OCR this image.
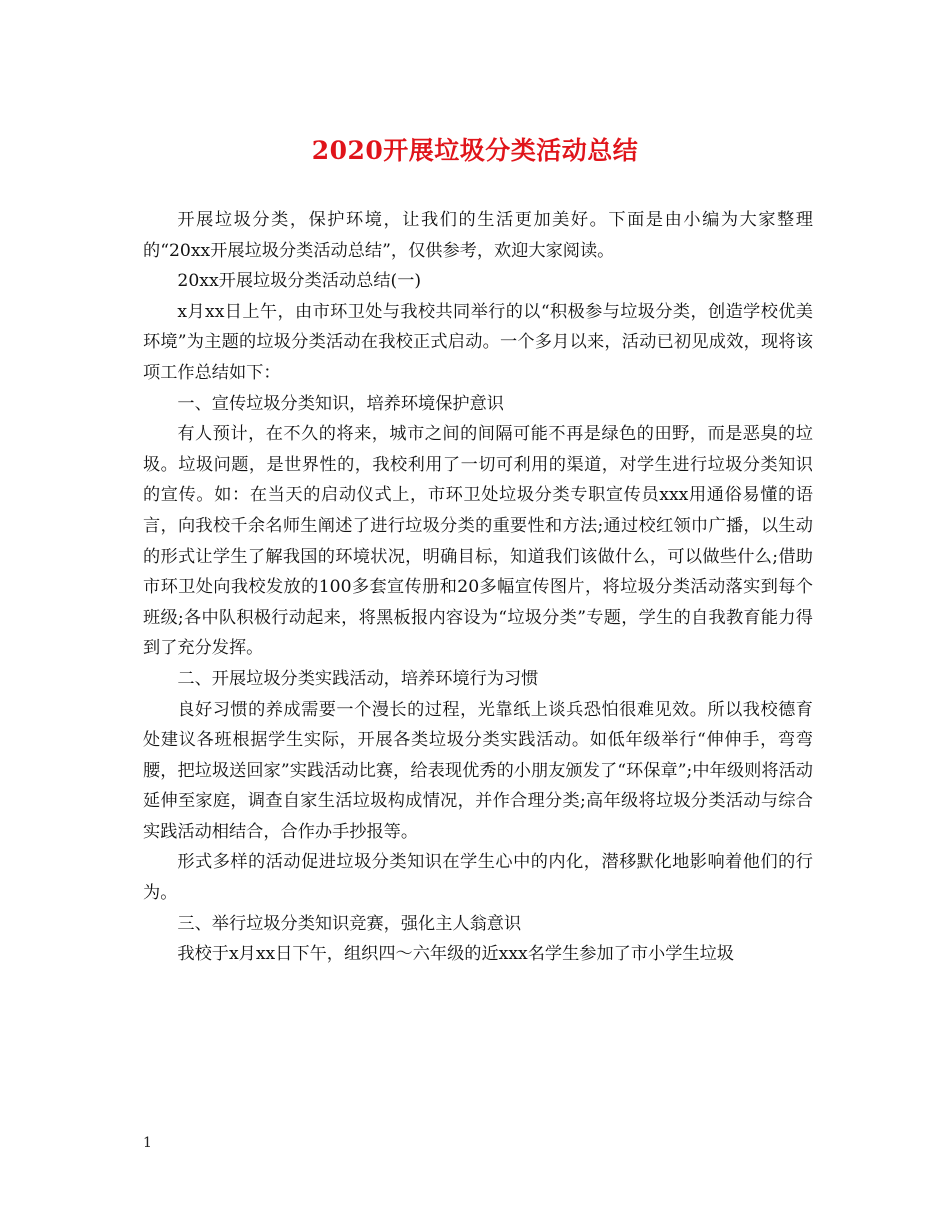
2020开展垃圾分类活动总结

开展垃圾分类，保护环境，让我们的生活更加美好。下面是由小编为大家整理的“20xx开展垃圾分类活动总结”，仅供参考，欢迎大家阅读。

20xx开展垃圾分类活动总结(一)

x月xx日上午，由市环卫处与我校共同举行的以“积极参与垃圾分类，创造学校优美环境”为主题的垃圾分类活动在我校正式启动。一个多月以来，活动已初见成效，现将该项工作总结如下：

一、宣传垃圾分类知识，培养环境保护意识

有人预计，在不久的将来，城市之间的间隔可能不再是绿色的田野，而是恶臭的垃圾。垃圾问题，是世界性的，我校利用了一切可利用的渠道，对学生进行垃圾分类知识的宣传。如：在当天的启动仪式上，市环卫处垃圾分类专职宣传员xxx用通俗易懂的语言，向我校千余名师生阐述了进行垃圾分类的重要性和方法;通过校红领巾广播，以生动的形式让学生了解我国的环境状况，明确目标，知道我们该做什么，可以做些什么;借助市环卫处向我校发放的100多套宣传册和20多幅宣传图片，将垃圾分类活动落实到每个班级;各中队积极行动起来，将黑板报内容设为“垃圾分类”专题，学生的自我教育能力得到了充分发挥。

二、开展垃圾分类实践活动，培养环境行为习惯

良好习惯的养成需要一个漫长的过程，光靠纸上谈兵恐怕很难见效。所以我校德育处建议各班根据学生实际，开展各类垃圾分类实践活动。如低年级举行“伸伸手，弯弯腰，把垃圾送回家”实践活动比赛，给表现优秀的小朋友颁发了“环保章”;中年级则将活动延伸至家庭，调查自家生活垃圾构成情况，并作合理分类;高年级将垃圾分类活动与综合实践活动相结合，合作办手抄报等。

形式多样的活动促进垃圾分类知识在学生心中的内化，潜移默化地影响着他们的行为。

三、举行垃圾分类知识竞赛，强化主人翁意识

我校于x月xx日下午，组织四～六年级的近xxx名学生参加了市小学生垃圾

1
